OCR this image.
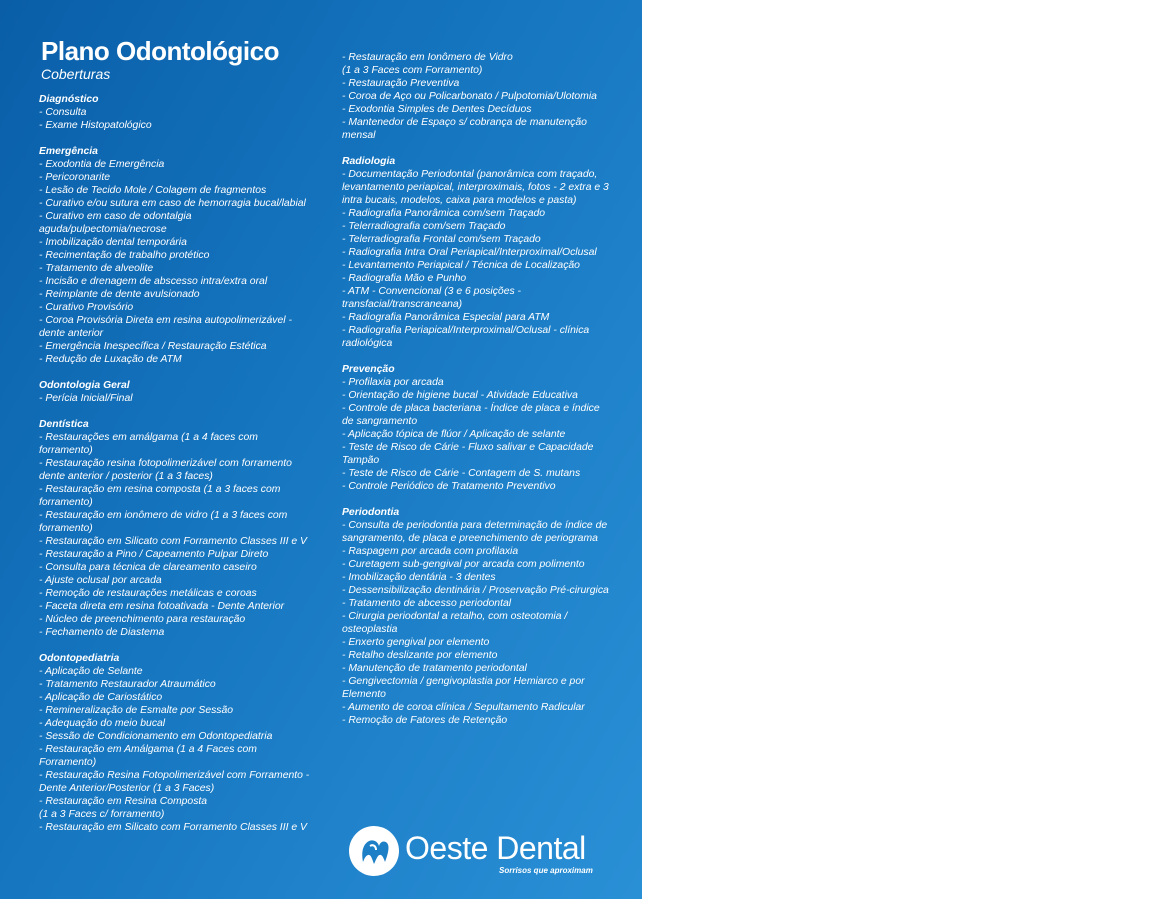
Plano Odontológico
Coberturas
Diagnóstico
- Consulta
- Exame Histopatológico
Emergência
- Exodontia de Emergência
- Pericoronarite
- Lesão de Tecido Mole / Colagem de fragmentos
- Curativo e/ou sutura em caso de hemorragia bucal/labial
- Curativo em caso de odontalgia aguda/pulpectomia/necrose
- Imobilização dental temporária
- Recimentação de trabalho protético
- Tratamento de alveolite
- Incisão e drenagem de abscesso intra/extra oral
- Reimplante de dente avulsionado
- Curativo Provisório
- Coroa Provisória Direta em resina autopolimerizável - dente anterior
- Emergência Inespecífica / Restauração Estética
- Redução de Luxação de ATM
Odontologia Geral
- Perícia Inicial/Final
Dentística
- Restaurações em amálgama (1 a 4 faces com forramento)
- Restauração resina fotopolimerizável com forramento dente anterior / posterior (1 a 3 faces)
- Restauração em resina composta (1 a 3 faces com forramento)
- Restauração em ionômero de vidro (1 a 3 faces com forramento)
- Restauração em Silicato com Forramento Classes III e V
- Restauração a Pino / Capeamento Pulpar Direto
- Consulta para técnica de clareamento caseiro
- Ajuste oclusal por arcada
- Remoção de restaurações metálicas e coroas
- Faceta direta em resina fotoativada - Dente Anterior
- Núcleo de preenchimento para restauração
- Fechamento de Diastema
Odontopediatria
- Aplicação de Selante
- Tratamento Restaurador Atraumático
- Aplicação de Cariostático
- Remineralização de Esmalte por Sessão
- Adequação do meio bucal
- Sessão de Condicionamento em Odontopediatria
- Restauração em Amálgama (1 a 4 Faces com Forramento)
- Restauração Resina Fotopolimerizável com Forramento -Dente Anterior/Posterior (1 a 3 Faces)
- Restauração em Resina Composta
(1 a 3 Faces c/ forramento)
- Restauração em Silicato com Forramento Classes III e V
- Restauração em Ionômero de Vidro
(1 a 3 Faces com Forramento)
- Restauração Preventiva
- Coroa de Aço ou Policarbonato / Pulpotomia/Ulotomia
- Exodontia Simples de Dentes Decíduos
- Mantenedor de Espaço s/ cobrança de manutenção mensal
Radiologia
- Documentação Periodontal (panorâmica com traçado, levantamento periapical, interproximais, fotos - 2 extra e 3 intra bucais, modelos, caixa para modelos e pasta)
- Radiografia Panorâmica com/sem Traçado
- Telerradiografia com/sem Traçado
- Telerradiografia Frontal com/sem Traçado
- Radiografia Intra Oral Periapical/Interproximal/Oclusal
- Levantamento Periapical / Técnica de Localização
- Radiografia Mão e Punho
- ATM - Convencional (3 e 6 posições - transfacial/transcraneana)
- Radiografia Panorâmica Especial para ATM
- Radiografia Periapical/Interproximal/Oclusal - clínica radiológica
Prevenção
- Profilaxia por arcada
- Orientação de higiene bucal - Atividade Educativa
- Controle de placa bacteriana - Índice de placa e índice de sangramento
- Aplicação tópica de flúor / Aplicação de selante
- Teste de Risco de Cárie - Fluxo salivar e Capacidade Tampão
- Teste de Risco de Cárie - Contagem de S. mutans
- Controle Periódico de Tratamento Preventivo
Periodontia
- Consulta de periodontia para determinação de índice de sangramento, de placa e preenchimento de periograma
- Raspagem por arcada com profilaxia
- Curetagem sub-gengival por arcada com polimento
- Imobilização dentária - 3 dentes
- Dessensibilização dentinária / Proservação Pré-cirurgica
- Tratamento de abcesso periodontal
- Cirurgia periodontal a retalho, com osteotomia / osteoplastia
- Enxerto gengival por elemento
- Retalho deslizante por elemento
- Manutenção de tratamento periodontal
- Gengivectomia / gengivoplastia por Hemiarco e por Elemento
- Aumento de coroa clínica / Sepultamento Radicular
- Remoção de Fatores de Retenção
Oeste Dental
Sorrisos que aproximam
